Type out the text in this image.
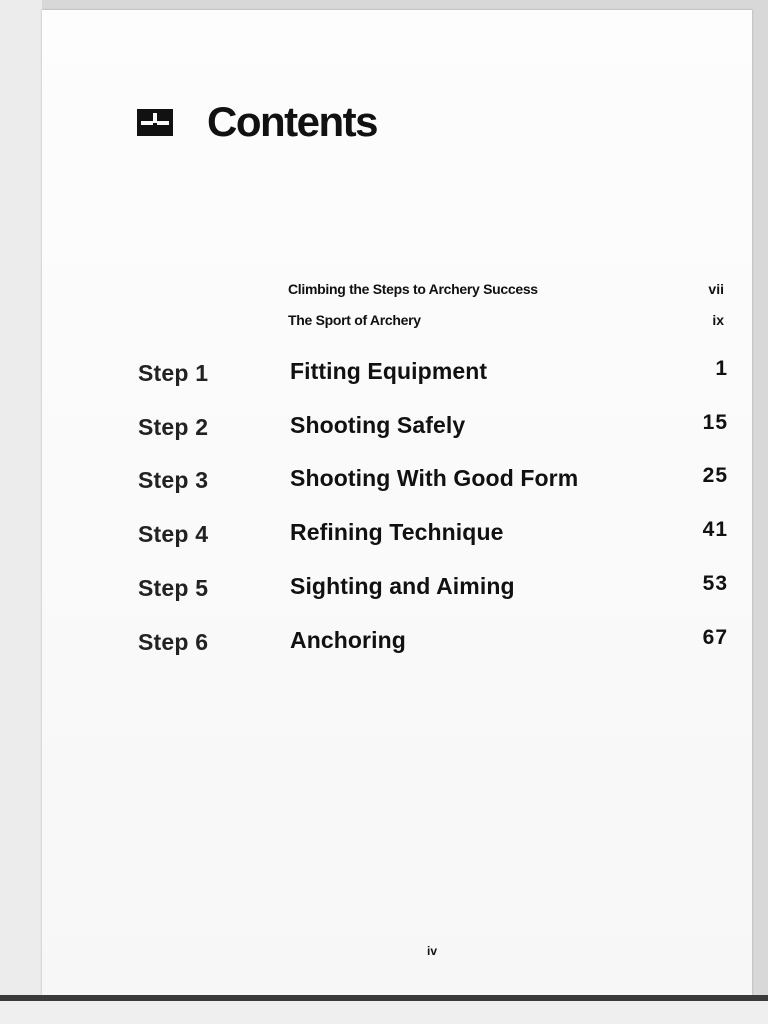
Contents
Climbing the Steps to Archery Success	vii
The Sport of Archery	ix
Step 1	Fitting Equipment	1
Step 2	Shooting Safely	15
Step 3	Shooting With Good Form	25
Step 4	Refining Technique	41
Step 5	Sighting and Aiming	53
Step 6	Anchoring	67
iv
